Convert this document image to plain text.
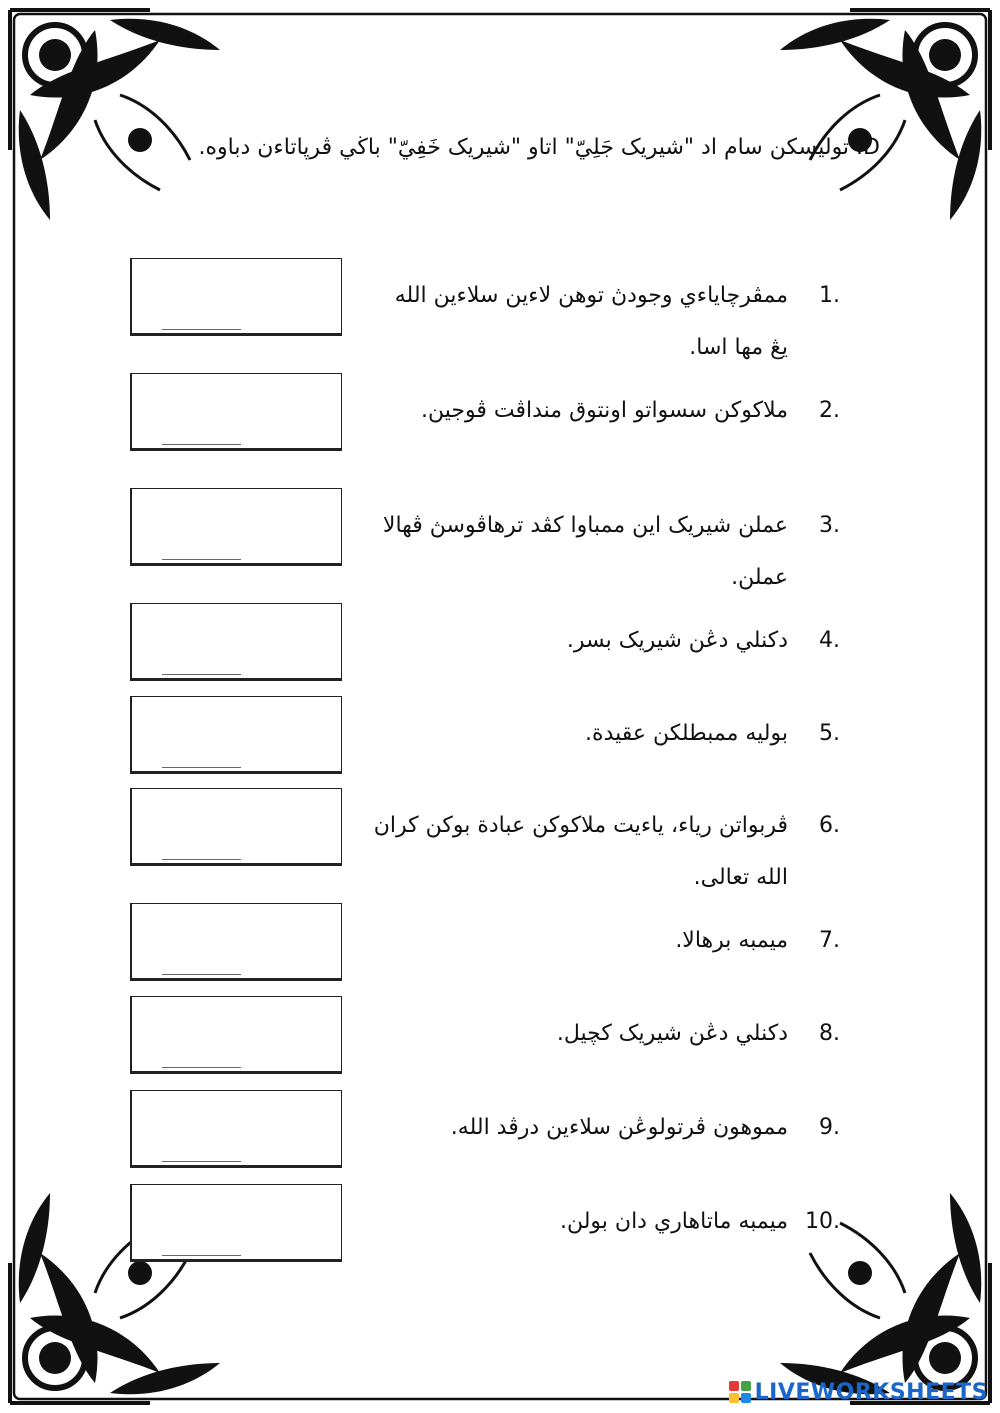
D. توليسکن سام اد "شيريک جَلِيّ" اتاو "شيريک خَفِيّ" باڬي ڤرڽاتاءن دباوه.
1.
ممڤرچاياءي وجودڽ توهن لاءين سلاءين الله يڠ مها اسا.
2.
ملاکوکن سسواتو اونتوق منداڤت ڤوجين.
3.
عملن شيريک اين ممباوا کڤد ترهاڤوسڽ ڤهالا عملن.
4.
دکنلي دڠن شيريک بسر.
5.
بوليه ممبطلکن عقيدة.
6.
ڤربواتن رياء، ياءيت ملاکوکن عبادة بوکن کران الله تعالى.
7.
ميمبه برهالا.
8.
دکنلي دڠن شيريک کچيل.
9.
مموهون ڤرتولوڠن سلاءين درڤد الله.
10.
ميمبه ماتاهاري دان بولن.
LIVEWORKSHEETS
